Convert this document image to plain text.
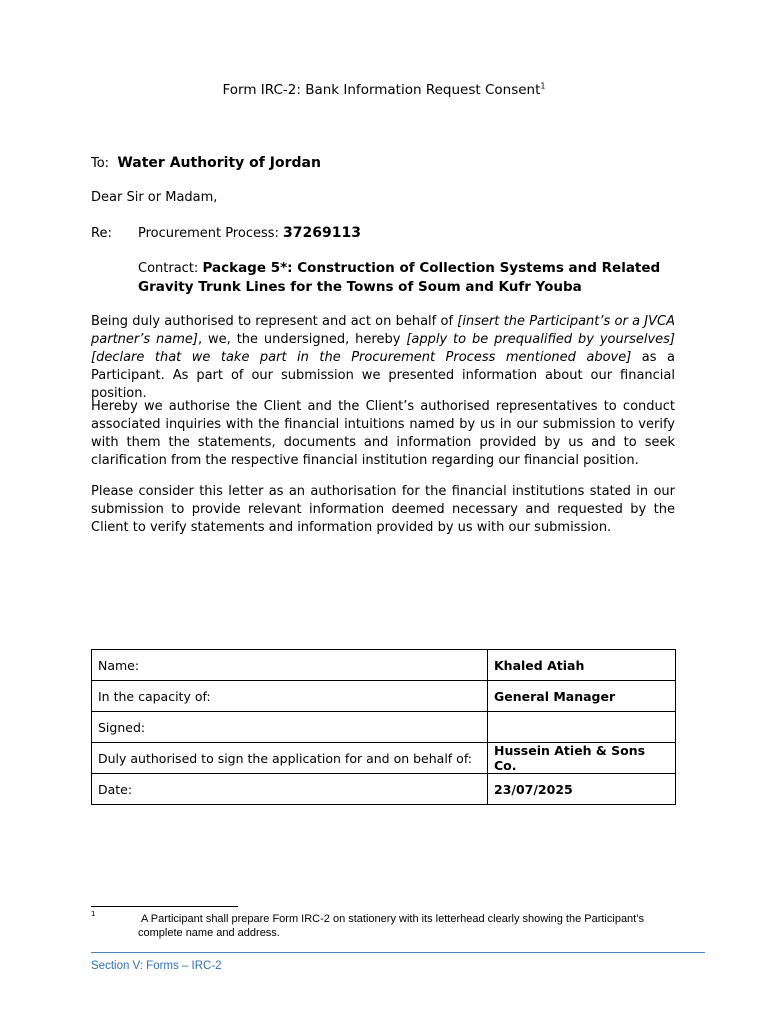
Form IRC-2: Bank Information Request Consent$^1$
To: Water Authority of Jordan
Dear Sir or Madam,
Re: Procurement Process: 37269113
Contract: Package 5*: Construction of Collection Systems and Related Gravity Trunk Lines for the Towns of Soum and Kufr Youba
Being duly authorised to represent and act on behalf of [insert the Participant’s or a JVCA partner’s name], we, the undersigned, hereby [apply to be prequalified by yourselves] [declare that we take part in the Procurement Process mentioned above] as a Participant. As part of our submission we presented information about our financial position.
Hereby we authorise the Client and the Client’s authorised representatives to conduct associated inquiries with the financial intuitions named by us in our submission to verify with them the statements, documents and information provided by us and to seek clarification from the respective financial institution regarding our financial position.
Please consider this letter as an authorisation for the financial institutions stated in our submission to provide relevant information deemed necessary and requested by the Client to verify statements and information provided by us with our submission.
Name:	Khaled Atiah
In the capacity of:	General Manager
Signed:	
Duly authorised to sign the application for and on behalf of:	Hussein Atieh & Sons Co.
Date:	23/07/2025
1	A Participant shall prepare Form IRC-2 on stationery with its letterhead clearly showing the Participant’s complete name and address.
Section V: Forms – IRC-2
